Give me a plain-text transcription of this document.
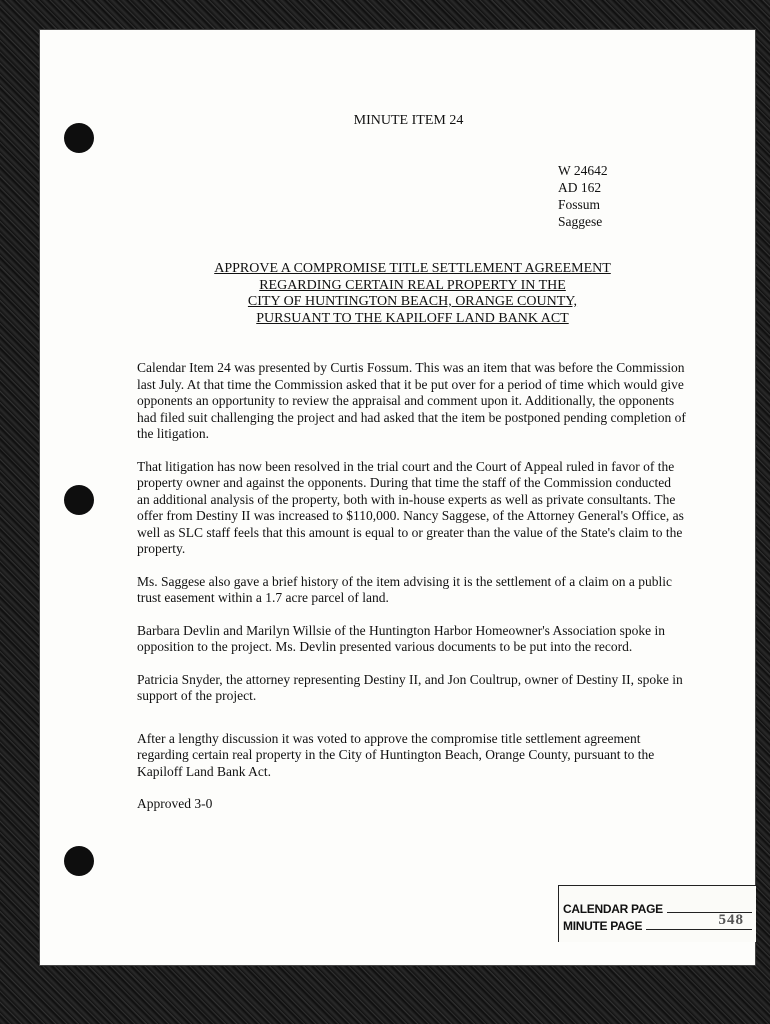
MINUTE ITEM 24
W 24642
AD 162
Fossum
Saggese
APPROVE A COMPROMISE TITLE SETTLEMENT AGREEMENT
REGARDING CERTAIN REAL PROPERTY IN THE
CITY OF HUNTINGTON BEACH, ORANGE COUNTY,
PURSUANT TO THE KAPILOFF LAND BANK ACT

Calendar Item 24 was presented by Curtis Fossum. This was an item that was before the Commission last July. At that time the Commission asked that it be put over for a period of time which would give opponents an opportunity to review the appraisal and comment upon it. Additionally, the opponents had filed suit challenging the project and had asked that the item be postponed pending completion of the litigation.

That litigation has now been resolved in the trial court and the Court of Appeal ruled in favor of the property owner and against the opponents. During that time the staff of the Commission conducted an additional analysis of the property, both with in-house experts as well as private consultants. The offer from Destiny II was increased to $110,000. Nancy Saggese, of the Attorney General's Office, as well as SLC staff feels that this amount is equal to or greater than the value of the State's claim to the property.

Ms. Saggese also gave a brief history of the item advising it is the settlement of a claim on a public trust easement within a 1.7 acre parcel of land.

Barbara Devlin and Marilyn Willsie of the Huntington Harbor Homeowner's Association spoke in opposition to the project. Ms. Devlin presented various documents to be put into the record.

Patricia Snyder, the attorney representing Destiny II, and Jon Coultrup, owner of Destiny II, spoke in support of the project.

After a lengthy discussion it was voted to approve the compromise title settlement agreement regarding certain real property in the City of Huntington Beach, Orange County, pursuant to the Kapiloff Land Bank Act.

Approved 3-0

CALENDAR PAGE
MINUTE PAGE	548
